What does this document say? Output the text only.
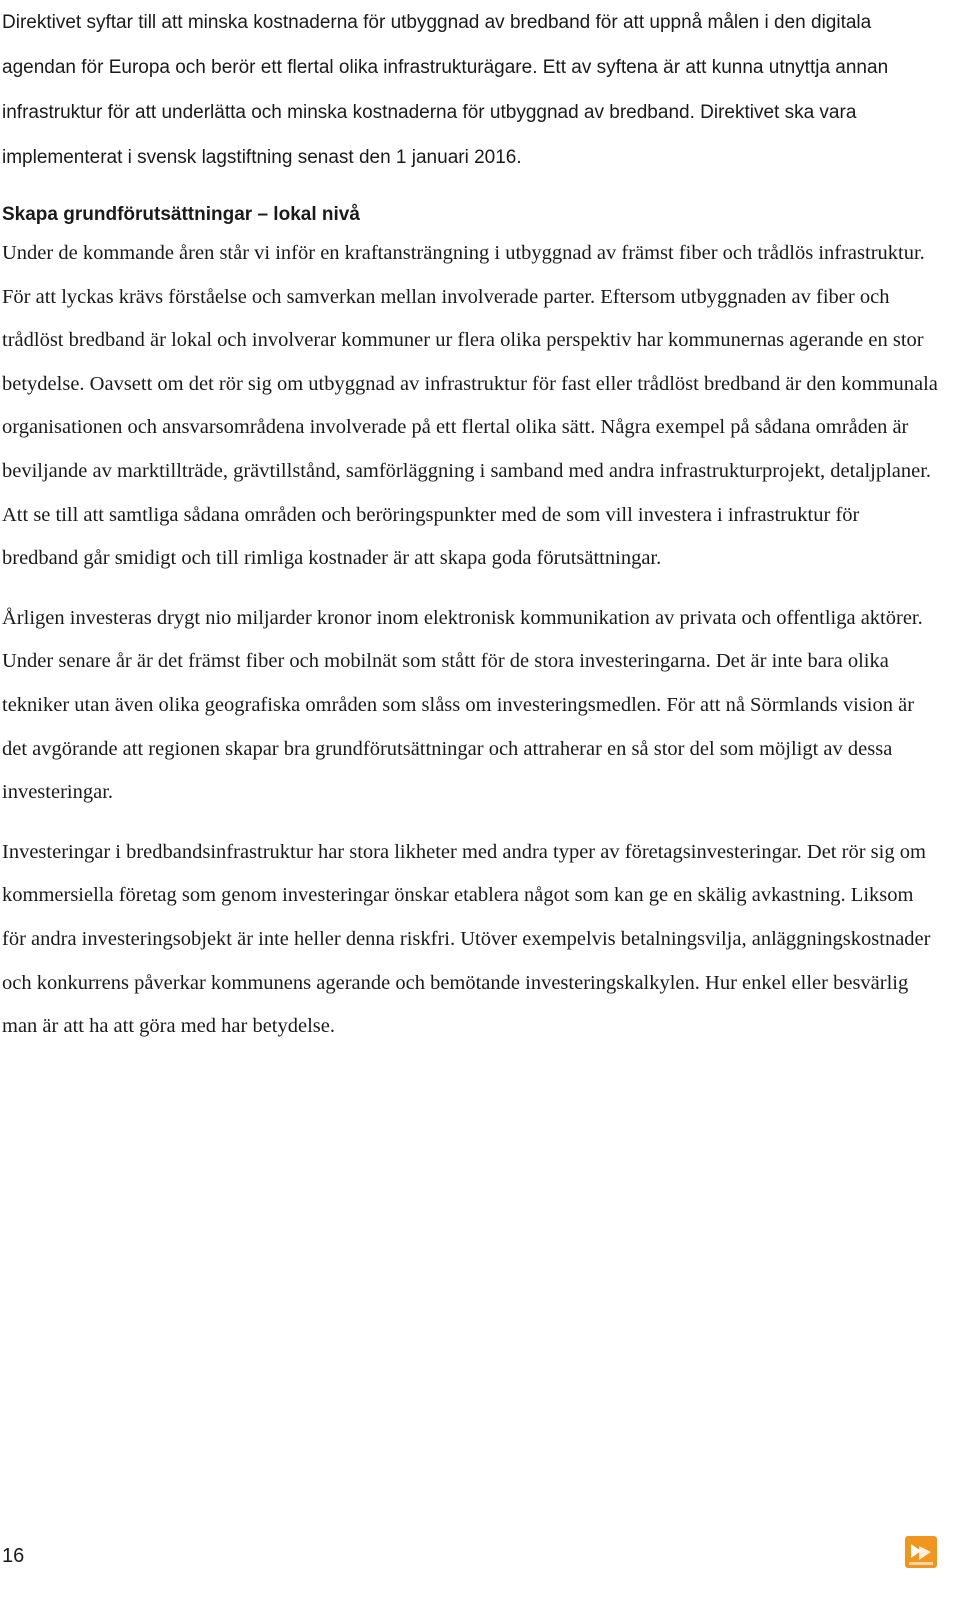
Direktivet syftar till att minska kostnaderna för utbyggnad av bredband för att uppnå målen i den digitala agendan för Europa och berör ett flertal olika infrastrukturägare. Ett av syftena är att kunna utnyttja annan infrastruktur för att underlätta och minska kostnaderna för utbyggnad av bredband. Direktivet ska vara implementerat i svensk lagstiftning senast den 1 januari 2016.

Skapa grundförutsättningar – lokal nivå

Under de kommande åren står vi inför en kraftansträngning i utbyggnad av främst fiber och trådlös infrastruktur. För att lyckas krävs förståelse och samverkan mellan involverade parter. Eftersom utbyggnaden av fiber och trådlöst bredband är lokal och involverar kommuner ur flera olika perspektiv har kommunernas agerande en stor betydelse. Oavsett om det rör sig om utbyggnad av infrastruktur för fast eller trådlöst bredband är den kommunala organisationen och ansvarsområdena involverade på ett flertal olika sätt. Några exempel på sådana områden är beviljande av marktillträde, grävtillstånd, samförläggning i samband med andra infrastrukturprojekt, detaljplaner. Att se till att samtliga sådana områden och beröringspunkter med de som vill investera i infrastruktur för bredband går smidigt och till rimliga kostnader är att skapa goda förutsättningar.

Årligen investeras drygt nio miljarder kronor inom elektronisk kommunikation av privata och offentliga aktörer. Under senare år är det främst fiber och mobilnät som stått för de stora investeringarna. Det är inte bara olika tekniker utan även olika geografiska områden som slåss om investeringsmedlen. För att nå Sörmlands vision är det avgörande att regionen skapar bra grundförutsättningar och attraherar en så stor del som möjligt av dessa investeringar.

Investeringar i bredbandsinfrastruktur har stora likheter med andra typer av företagsinvesteringar. Det rör sig om kommersiella företag som genom investeringar önskar etablera något som kan ge en skälig avkastning. Liksom för andra investeringsobjekt är inte heller denna riskfri. Utöver exempelvis betalningsvilja, anläggningskostnader och konkurrens påverkar kommunens agerande och bemötande investeringskalkylen. Hur enkel eller besvärlig man är att ha att göra med har betydelse.

16
